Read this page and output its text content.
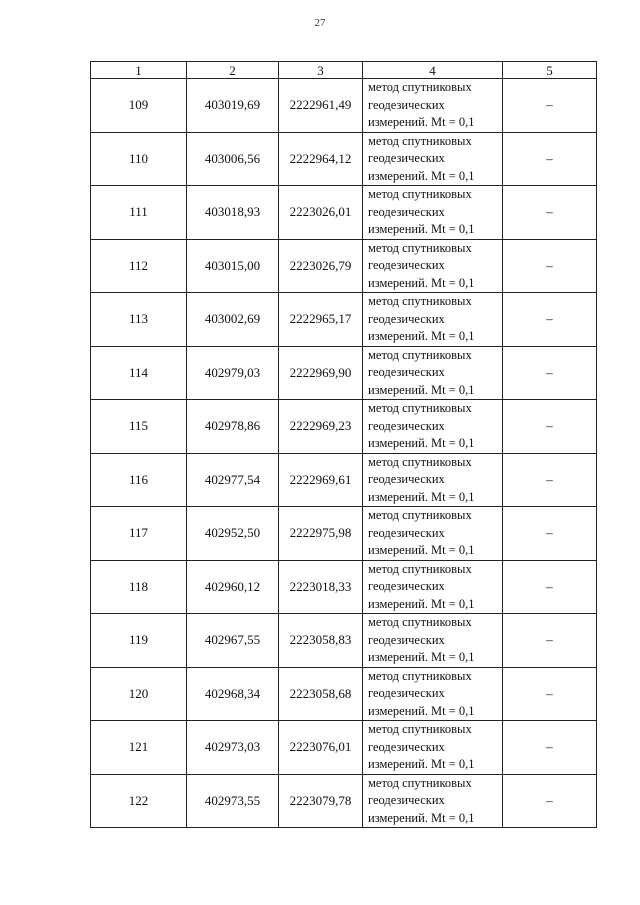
27
1	2	3	4	5
109	403019,69	2222961,49	метод спутниковых
геодезических
измерений. Mt = 0,1	–
110	403006,56	2222964,12	метод спутниковых
геодезических
измерений. Mt = 0,1	–
111	403018,93	2223026,01	метод спутниковых
геодезических
измерений. Mt = 0,1	–
112	403015,00	2223026,79	метод спутниковых
геодезических
измерений. Mt = 0,1	–
113	403002,69	2222965,17	метод спутниковых
геодезических
измерений. Mt = 0,1	–
114	402979,03	2222969,90	метод спутниковых
геодезических
измерений. Mt = 0,1	–
115	402978,86	2222969,23	метод спутниковых
геодезических
измерений. Mt = 0,1	–
116	402977,54	2222969,61	метод спутниковых
геодезических
измерений. Mt = 0,1	–
117	402952,50	2222975,98	метод спутниковых
геодезических
измерений. Mt = 0,1	–
118	402960,12	2223018,33	метод спутниковых
геодезических
измерений. Mt = 0,1	–
119	402967,55	2223058,83	метод спутниковых
геодезических
измерений. Mt = 0,1	–
120	402968,34	2223058,68	метод спутниковых
геодезических
измерений. Mt = 0,1	–
121	402973,03	2223076,01	метод спутниковых
геодезических
измерений. Mt = 0,1	–
122	402973,55	2223079,78	метод спутниковых
геодезических
измерений. Mt = 0,1	–
